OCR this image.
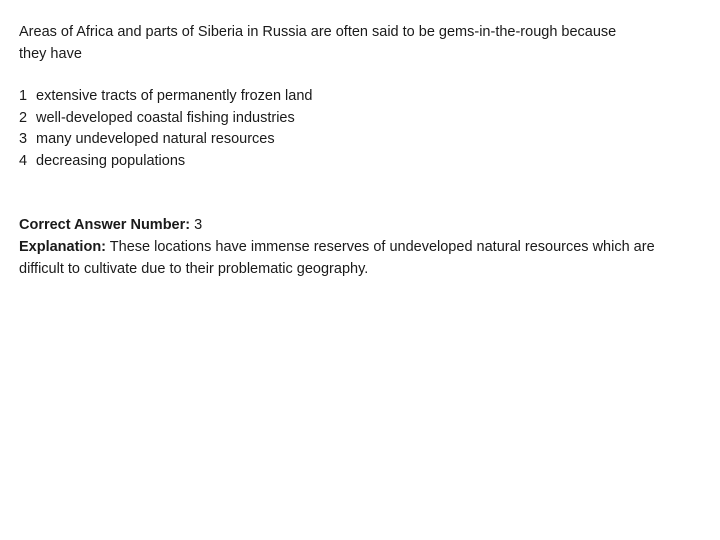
Areas of Africa and parts of Siberia in Russia are often said to be gems-in-the-rough because they have

1 extensive tracts of permanently frozen land
2 well-developed coastal fishing industries
3 many undeveloped natural resources
4 decreasing populations

Correct Answer Number: 3

Explanation: These locations have immense reserves of undeveloped natural resources which are difficult to cultivate due to their problematic geography.
